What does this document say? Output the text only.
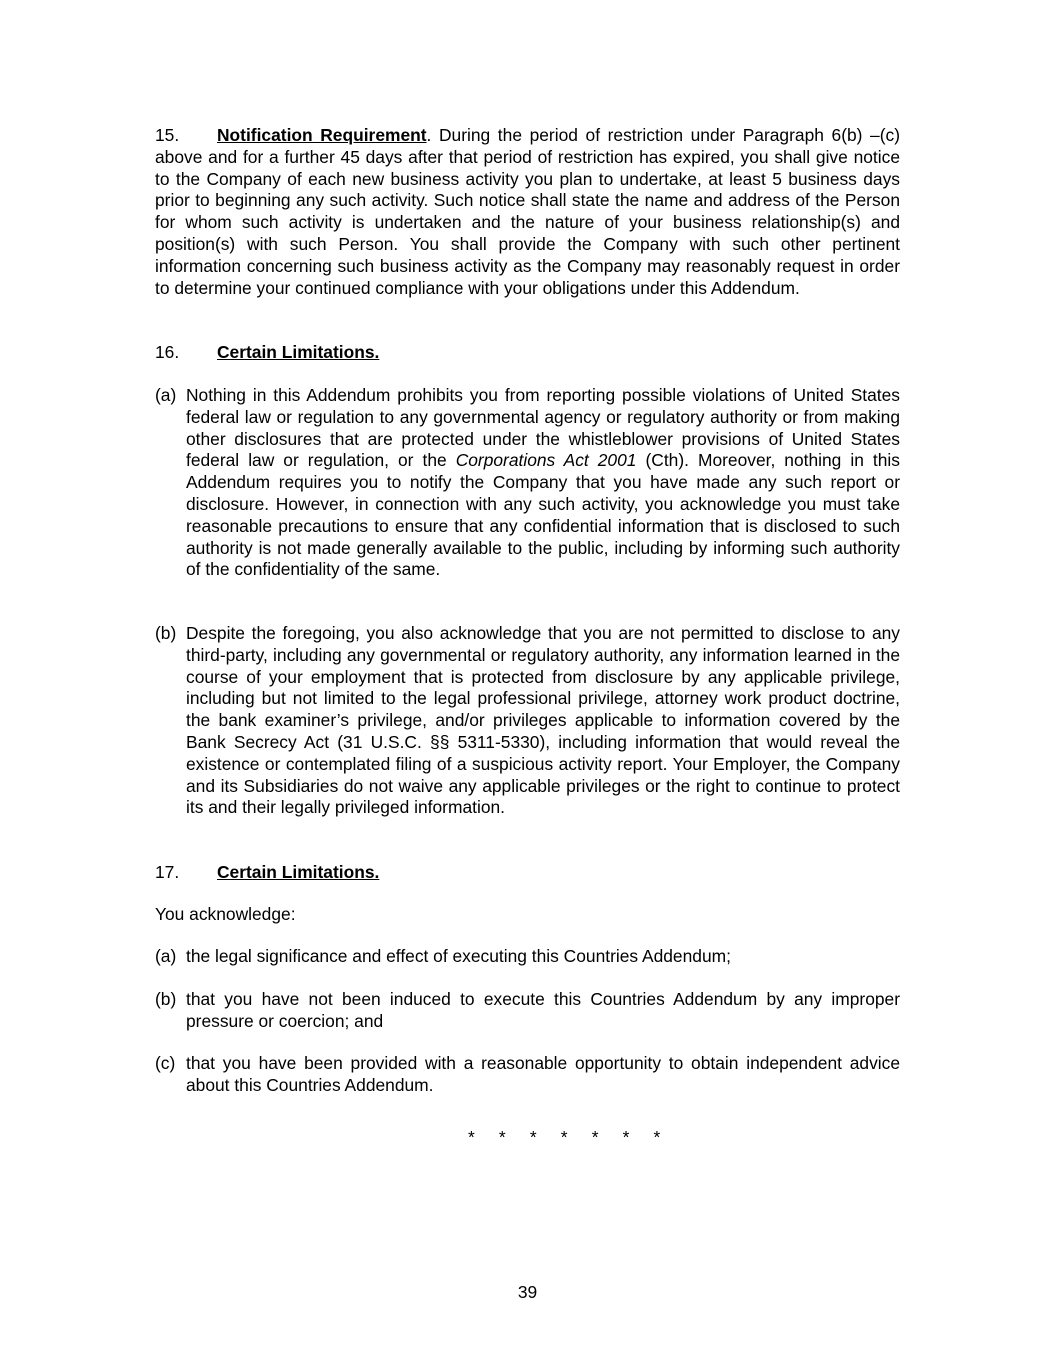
15. Notification Requirement. During the period of restriction under Paragraph 6(b) –(c) above and for a further 45 days after that period of restriction has expired, you shall give notice to the Company of each new business activity you plan to undertake, at least 5 business days prior to beginning any such activity. Such notice shall state the name and address of the Person for whom such activity is undertaken and the nature of your business relationship(s) and position(s) with such Person. You shall provide the Company with such other pertinent information concerning such business activity as the Company may reasonably request in order to determine your continued compliance with your obligations under this Addendum.

16. Certain Limitations.

(a) Nothing in this Addendum prohibits you from reporting possible violations of United States federal law or regulation to any governmental agency or regulatory authority or from making other disclosures that are protected under the whistleblower provisions of United States federal law or regulation, or the Corporations Act 2001 (Cth). Moreover, nothing in this Addendum requires you to notify the Company that you have made any such report or disclosure. However, in connection with any such activity, you acknowledge you must take reasonable precautions to ensure that any confidential information that is disclosed to such authority is not made generally available to the public, including by informing such authority of the confidentiality of the same.

(b) Despite the foregoing, you also acknowledge that you are not permitted to disclose to any third-party, including any governmental or regulatory authority, any information learned in the course of your employment that is protected from disclosure by any applicable privilege, including but not limited to the legal professional privilege, attorney work product doctrine, the bank examiner’s privilege, and/or privileges applicable to information covered by the Bank Secrecy Act (31 U.S.C. §§ 5311-5330), including information that would reveal the existence or contemplated filing of a suspicious activity report. Your Employer, the Company and its Subsidiaries do not waive any applicable privileges or the right to continue to protect its and their legally privileged information.

17. Certain Limitations.

You acknowledge:

(a) the legal significance and effect of executing this Countries Addendum;

(b) that you have not been induced to execute this Countries Addendum by any improper pressure or coercion; and

(c) that you have been provided with a reasonable opportunity to obtain independent advice about this Countries Addendum.

*     *     *     *     *     *     *
39
